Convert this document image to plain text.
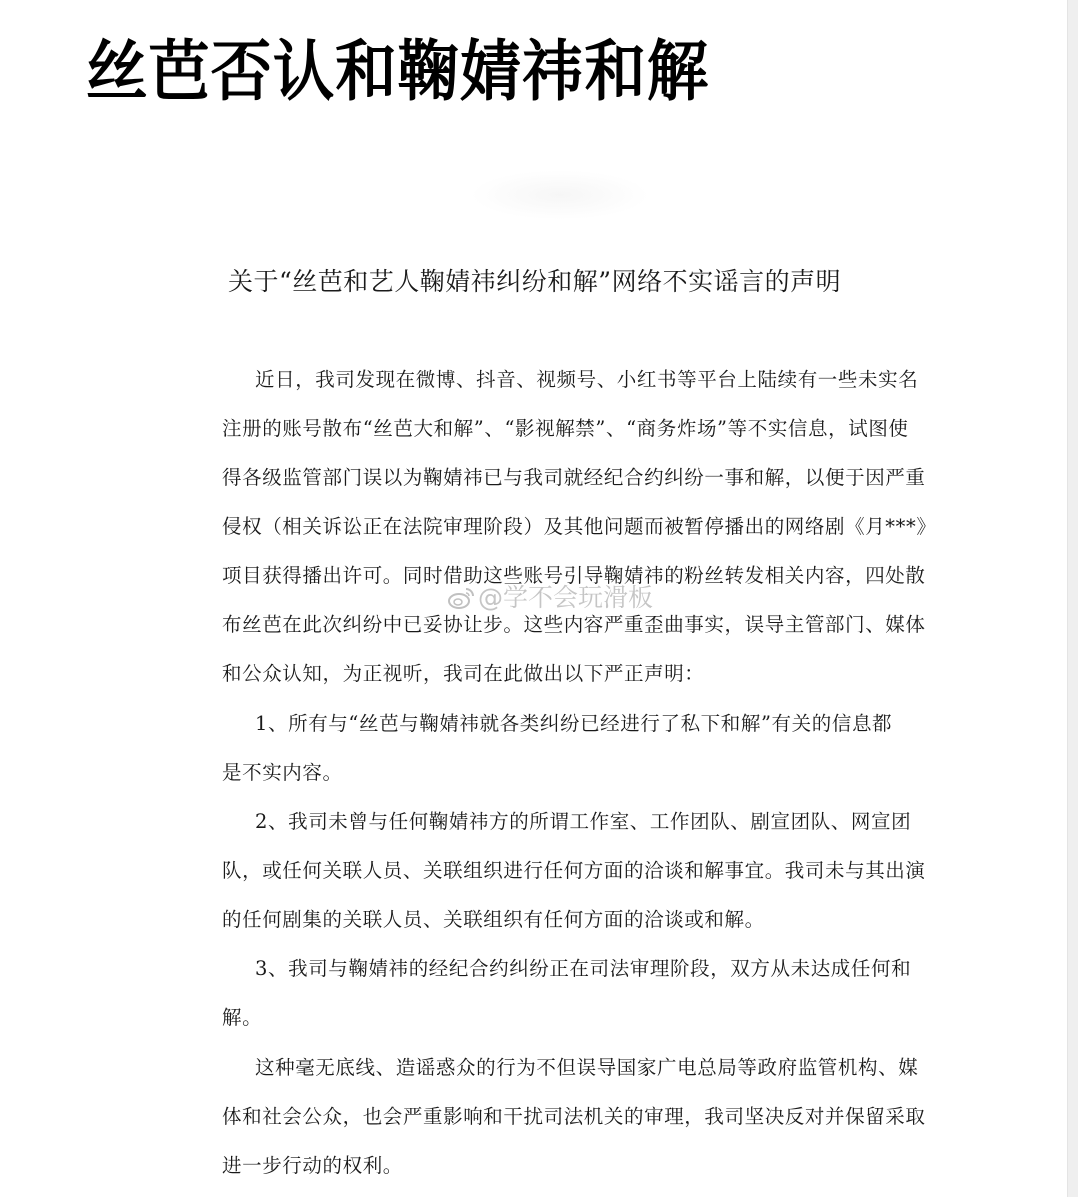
丝芭否认和鞠婧祎和解
关于“丝芭和艺人鞠婧祎纠纷和解”网络不实谣言的声明
近日，我司发现在微博、抖音、视频号、小红书等平台上陆续有一些未实名
注册的账号散布“丝芭大和解”、“影视解禁”、“商务炸场”等不实信息，试图使
得各级监管部门误以为鞠婧祎已与我司就经纪合约纠纷一事和解，以便于因严重
侵权（相关诉讼正在法院审理阶段）及其他问题而被暂停播出的网络剧《月***》
项目获得播出许可。同时借助这些账号引导鞠婧祎的粉丝转发相关内容，四处散
布丝芭在此次纠纷中已妥协让步。这些内容严重歪曲事实，误导主管部门、媒体
和公众认知，为正视听，我司在此做出以下严正声明：
1、所有与“丝芭与鞠婧祎就各类纠纷已经进行了私下和解”有关的信息都
是不实内容。
2、我司未曾与任何鞠婧祎方的所谓工作室、工作团队、剧宣团队、网宣团
队，或任何关联人员、关联组织进行任何方面的洽谈和解事宜。我司未与其出演
的任何剧集的关联人员、关联组织有任何方面的洽谈或和解。
3、我司与鞠婧祎的经纪合约纠纷正在司法审理阶段，双方从未达成任何和
解。
这种毫无底线、造谣惑众的行为不但误导国家广电总局等政府监管机构、媒
体和社会公众，也会严重影响和干扰司法机关的审理，我司坚决反对并保留采取
进一步行动的权利。
@学不会玩滑板
